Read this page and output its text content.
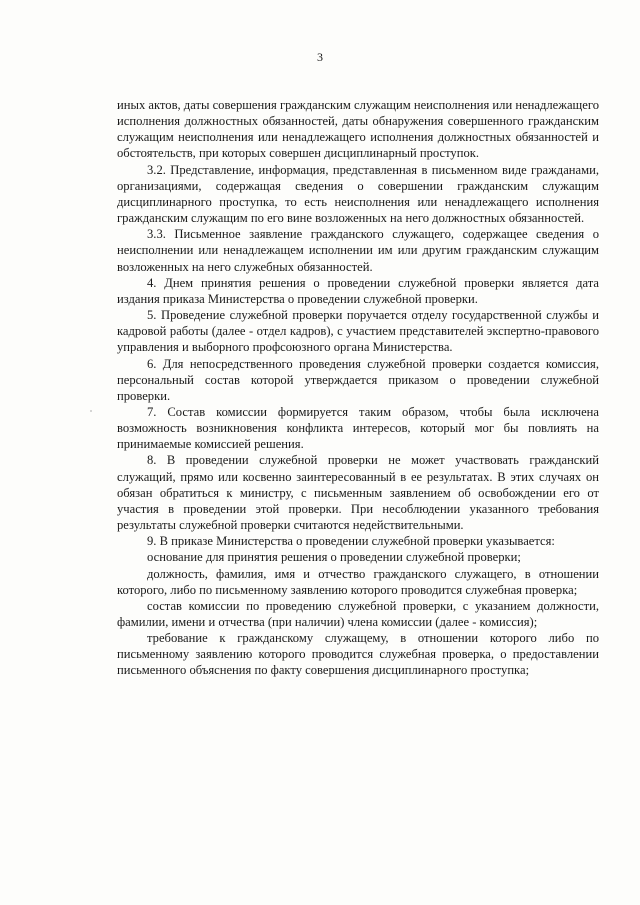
3

иных актов, даты совершения гражданским служащим неисполнения или ненадлежащего исполнения должностных обязанностей, даты обнаружения совершенного гражданским служащим неисполнения или ненадлежащего исполнения должностных обязанностей и обстоятельств, при которых совершен дисциплинарный проступок.

3.2. Представление, информация, представленная в письменном виде гражданами, организациями, содержащая сведения о совершении гражданским служащим дисциплинарного проступка, то есть неисполнения или ненадлежащего исполнения гражданским служащим по его вине возложенных на него должностных обязанностей.

3.3. Письменное заявление гражданского служащего, содержащее сведения о неисполнении или ненадлежащем исполнении им или другим гражданским служащим возложенных на него служебных обязанностей.

4. Днем принятия решения о проведении служебной проверки является дата издания приказа Министерства о проведении служебной проверки.

5. Проведение служебной проверки поручается отделу государственной службы и кадровой работы (далее - отдел кадров), с участием представителей экспертно-правового управления и выборного профсоюзного органа Министерства.

6. Для непосредственного проведения служебной проверки создается комиссия, персональный состав которой утверждается приказом о проведении служебной проверки.

7. Состав комиссии формируется таким образом, чтобы была исключена возможность возникновения конфликта интересов, который мог бы повлиять на принимаемые комиссией решения.

8. В проведении служебной проверки не может участвовать гражданский служащий, прямо или косвенно заинтересованный в ее результатах. В этих случаях он обязан обратиться к министру, с письменным заявлением об освобождении его от участия в проведении этой проверки. При несоблюдении указанного требования результаты служебной проверки считаются недействительными.

9. В приказе Министерства о проведении служебной проверки указывается:

основание для принятия решения о проведении служебной проверки;

должность, фамилия, имя и отчество гражданского служащего, в отношении которого, либо по письменному заявлению которого проводится служебная проверка;

состав комиссии по проведению служебной проверки, с указанием должности, фамилии, имени и отчества (при наличии) члена комиссии (далее - комиссия);

требование к гражданскому служащему, в отношении которого либо по письменному заявлению которого проводится служебная проверка, о предоставлении письменного объяснения по факту совершения дисциплинарного проступка;
